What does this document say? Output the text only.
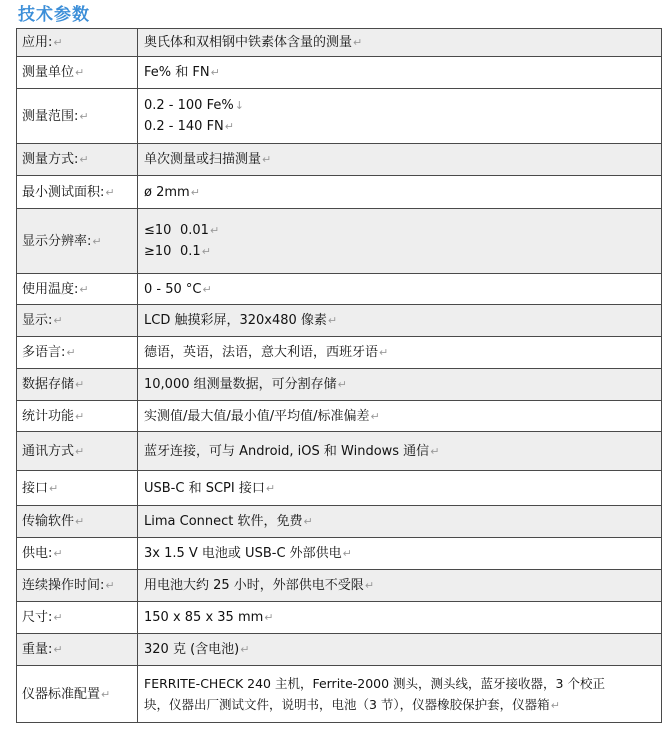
技术参数
应用:↵	奥氏体和双相钢中铁素体含量的测量↵
测量单位↵	Fe% 和 FN↵
测量范围:↵	0.2 - 100 Fe%↓
0.2 - 140 FN↵

测量方式:↵	单次测量或扫描测量↵
最小测试面积:↵	ø 2mm↵
显示分辨率:↵	≤10 0.01↵
≥10 0.1↵

使用温度:↵	0 - 50 °C↵
显示:↵	LCD 触摸彩屏，320x480 像素↵
多语言:↵	德语，英语，法语，意大利语，西班牙语↵
数据存储↵	10,000 组测量数据，可分割存储↵
统计功能↵	实测值/最大值/最小值/平均值/标准偏差↵
通讯方式↵	蓝牙连接，可与 Android, iOS 和 Windows 通信↵
接口↵	USB-C 和 SCPI 接口↵
传输软件↵	Lima Connect 软件，免费↵
供电:↵	3x 1.5 V 电池或 USB-C 外部供电↵
连续操作时间:↵	用电池大约 25 小时，外部供电不受限↵
尺寸:↵	150 x 85 x 35 mm↵
重量:↵	320 克 (含电池)↵
仪器标准配置↵	FERRITE-CHECK 240 主机，Ferrite-2000 测头，测头线，蓝牙接收器，3 个校正
块，仪器出厂测试文件，说明书，电池（3 节），仪器橡胶保护套，仪器箱↵
